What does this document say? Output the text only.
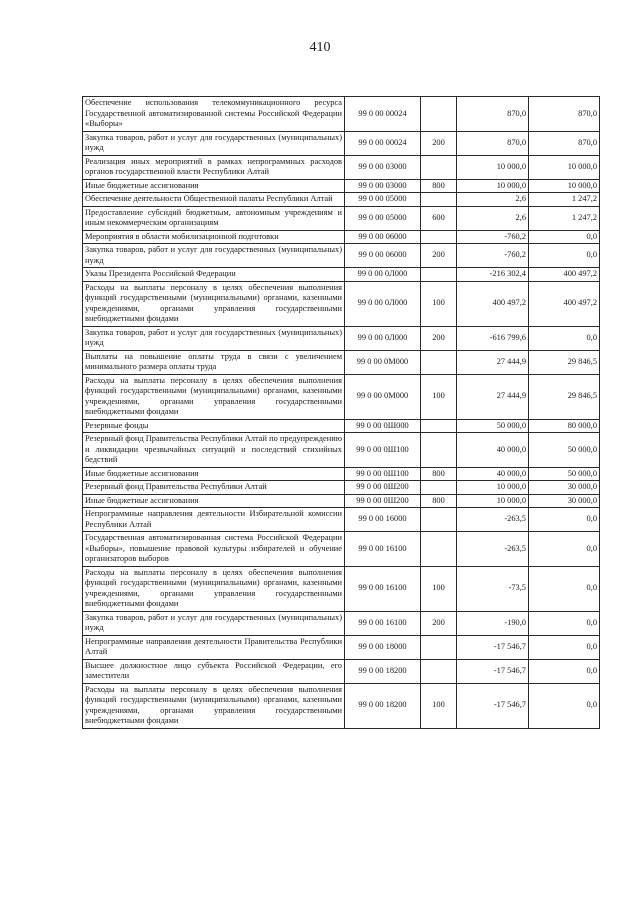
410
Обеспечение использования телекоммуникационного ресурса Государственной автоматизированной системы Российской Федерации «Выборы»	99 0 00 00024		870,0	870,0
Закупка товаров, работ и услуг для государственных (муниципальных) нужд	99 0 00 00024	200	870,0	870,0
Реализация иных мероприятий в рамках непрограммных расходов органов государственной власти Республики Алтай	99 0 00 03000		10 000,0	10 000,0
Иные бюджетные ассигнования	99 0 00 03000	800	10 000,0	10 000,0
Обеспечение деятельности Общественной палаты Республики Алтай	99 0 00 05000		2,6	1 247,2
Предоставление субсидий бюджетным, автономным учреждениям и иным некоммерческим организациям	99 0 00 05000	600	2,6	1 247,2
Мероприятия в области мобилизационной подготовки	99 0 00 06000		-760,2	0,0
Закупка товаров, работ и услуг для государственных (муниципальных) нужд	99 0 00 06000	200	-760,2	0,0
Указы Президента Российской Федерации	99 0 00 0Л000		-216 302,4	400 497,2
Расходы на выплаты персоналу в целях обеспечения выполнения функций государственными (муниципальными) органами, казенными учреждениями, органами управления государственными внебюджетными фондами	99 0 00 0Л000	100	400 497,2	400 497,2
Закупка товаров, работ и услуг для государственных (муниципальных) нужд	99 0 00 0Л000	200	-616 799,6	0,0
Выплаты на повышение оплаты труда в связи с увеличением минимального размера оплаты труда	99 0 00 0М000		27 444,9	29 846,5
Расходы на выплаты персоналу в целях обеспечения выполнения функций государственными (муниципальными) органами, казенными учреждениями, органами управления государственными внебюджетными фондами	99 0 00 0М000	100	27 444,9	29 846,5
Резервные фонды	99 0 00 0Ш000		50 000,0	80 000,0
Резервный фонд Правительства Республики Алтай по предупреждению и ликвидации чрезвычайных ситуаций и последствий стихийных бедствий	99 0 00 0Ш100		40 000,0	50 000,0
Иные бюджетные ассигнования	99 0 00 0Ш100	800	40 000,0	50 000,0
Резервный фонд Правительства Республики Алтай	99 0 00 0Ш200		10 000,0	30 000,0
Иные бюджетные ассигнования	99 0 00 0Ш200	800	10 000,0	30 000,0
Непрограммные направления деятельности Избирательной комиссии Республики Алтай	99 0 00 16000		-263,5	0,0
Государственная автоматизированная система Российской Федерации «Выборы», повышение правовой культуры избирателей и обучение организаторов выборов	99 0 00 16100		-263,5	0,0
Расходы на выплаты персоналу в целях обеспечения выполнения функций государственными (муниципальными) органами, казенными учреждениями, органами управления государственными внебюджетными фондами	99 0 00 16100	100	-73,5	0,0
Закупка товаров, работ и услуг для государственных (муниципальных) нужд	99 0 00 16100	200	-190,0	0,0
Непрограммные направления деятельности Правительства Республики Алтай	99 0 00 18000		-17 546,7	0,0
Высшее должностное лицо субъекта Российской Федерации, его заместители	99 0 00 18200		-17 546,7	0,0
Расходы на выплаты персоналу в целях обеспечения выполнения функций государственными (муниципальными) органами, казенными учреждениями, органами управления государственными внебюджетными фондами	99 0 00 18200	100	-17 546,7	0,0
